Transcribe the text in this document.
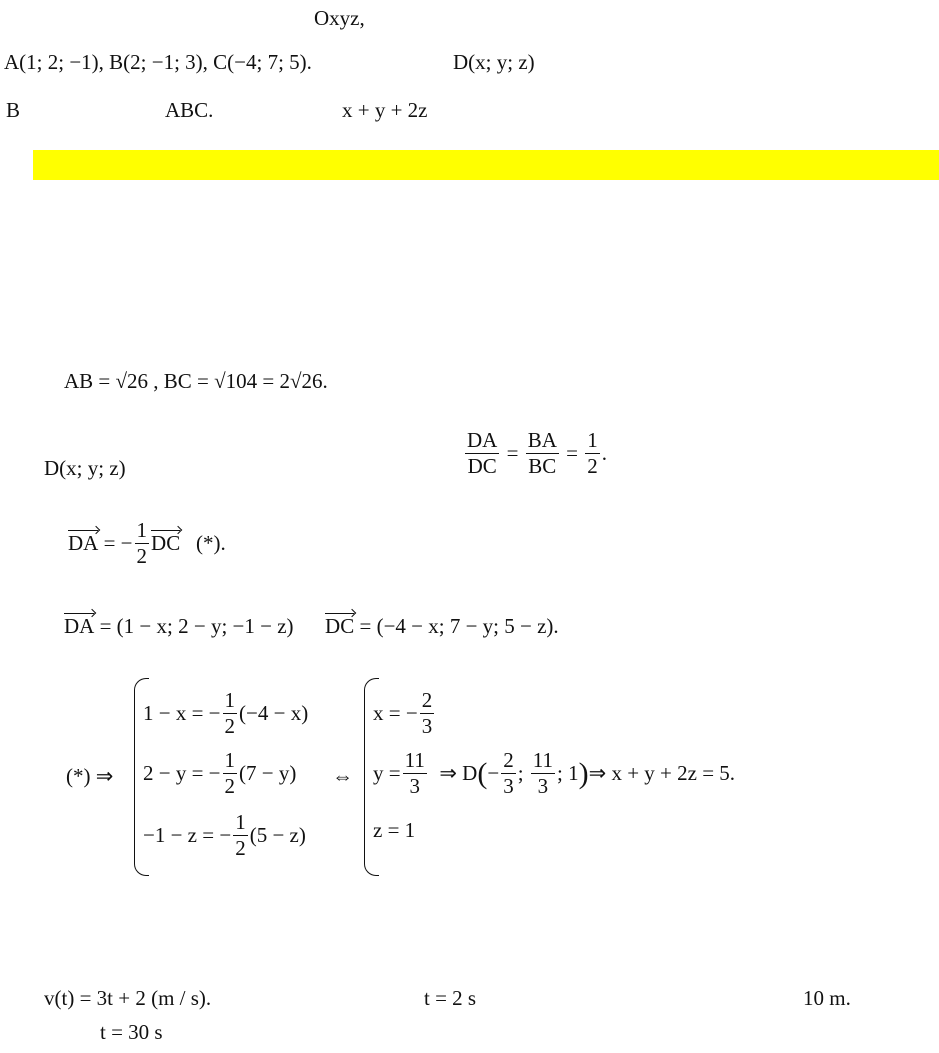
Oxyz,
A(1; 2; −1), B(2; −1; 3), C(−4; 7; 5).	D(x; y; z)
B	ABC.	x + y + 2z
AB = √26 , BC = √104 = 2√26.
D(x; y; z)	$\frac{DA}{DC} = \frac{BA}{BC} = \frac{1}{2}$ .
DA
= − $\frac{1}{2}$ DC
(*).
DA
= (1 − x; 2 − y; −1 − z)
DC
= (−4 − x; 7 − y; 5 − z).
(*) ⇒
1 − x = − $\frac{1}{2} (-4 - x)$
2 − y = − $\frac{1}{2} (7 - y)$
−1 − z = − $\frac{1}{2} (5 - z)$
⇔
x = − $\frac{2}{3}$
$y = \frac{11}{3}$
⇒ D ( − $\frac{2}{3}$ ; $\frac{11}{3}$ ; 1 ) ⇒ x + y + 2z = 5.
z = 1
v(t) = 3t + 2 (m / s).	t = 2 s	10 m.
t = 30 s
